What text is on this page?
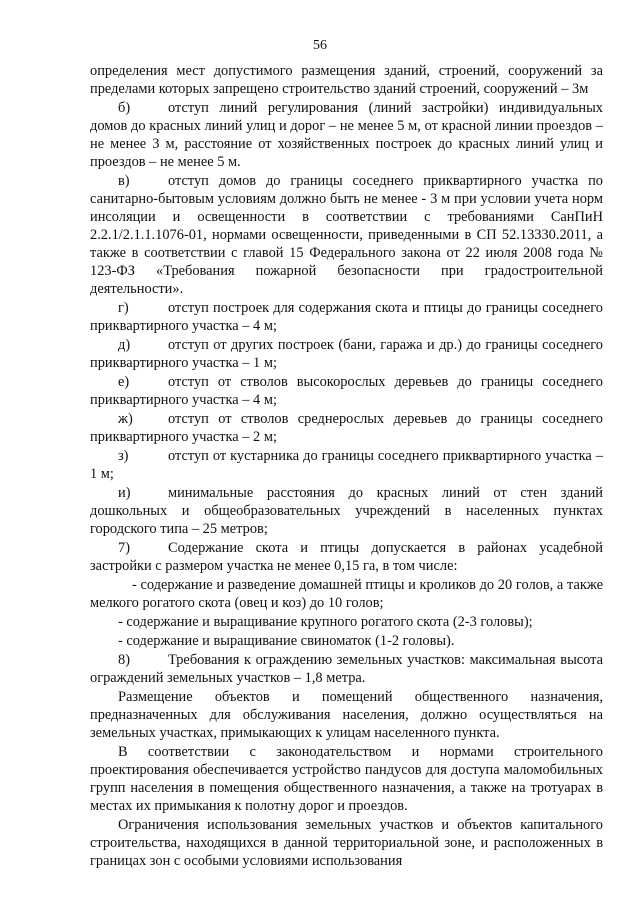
56

определения мест допустимого размещения зданий, строений, сооружений за пределами которых запрещено строительство зданий строений, сооружений – 3м

б)	отступ линий регулирования (линий застройки) индивидуальных домов до красных линий улиц и дорог – не менее 5 м, от красной линии проездов – не менее 3 м, расстояние от хозяйственных построек до красных линий улиц и проездов – не менее 5 м.

в)	отступ домов до границы соседнего приквартирного участка по санитарно-бытовым условиям должно быть не менее - 3 м при условии учета норм инсоляции и освещенности в соответствии с требованиями СанПиН 2.2.1/2.1.1.1076-01, нормами освещенности, приведенными в СП 52.13330.2011, а также в соответствии с главой 15 Федерального закона от 22 июля 2008 года № 123-ФЗ «Требования пожарной безопасности при градостроительной деятельности».

г)	отступ построек для содержания скота и птицы до границы соседнего приквартирного участка – 4 м;

д)	отступ от других построек (бани, гаража и др.) до границы соседнего приквартирного участка – 1 м;

е)	отступ от стволов высокорослых деревьев до границы соседнего приквартирного участка – 4 м;

ж) отступ от стволов среднерослых деревьев до границы соседнего приквартирного участка – 2 м;

з)	отступ от кустарника до границы соседнего приквартирного участка – 1 м;

и)	минимальные расстояния до красных линий от стен зданий дошкольных и общеобразовательных учреждений в населенных пунктах городского типа – 25 метров;

7)	Содержание скота и птицы допускается в районах усадебной застройки с размером участка не менее 0,15 га, в том числе:

- содержание и разведение домашней птицы и кроликов до 20 голов, а также мелкого рогатого скота (овец и коз) до 10 голов;

- содержание и выращивание крупного рогатого скота (2-3 головы);

- содержание и выращивание свиноматок (1-2 головы).

8)	Требования к ограждению земельных участков: максимальная высота ограждений земельных участков – 1,8 метра.

Размещение объектов и помещений общественного назначения, предназначенных для обслуживания населения, должно осуществляться на земельных участках, примыкающих к улицам населенного пункта.

В соответствии с законодательством и нормами строительного проектирования обеспечивается устройство пандусов для доступа маломобильных групп населения в помещения общественного назначения, а также на тротуарах в местах их примыкания к полотну дорог и проездов.

Ограничения использования земельных участков и объектов капитального строительства, находящихся в данной территориальной зоне, и расположенных в границах зон с особыми условиями использования
